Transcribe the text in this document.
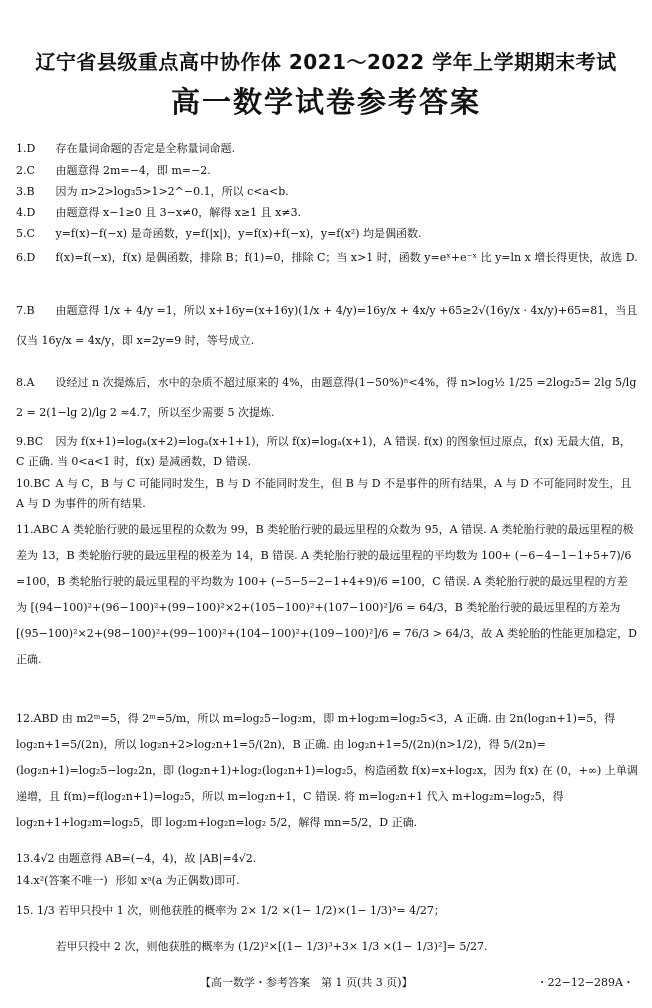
辽宁省县级重点高中协作体 2021～2022 学年上学期期末考试
高一数学试卷参考答案
1.D 存在量词命题的否定是全称量词命题.
2.C 由题意得 2m=−4，即 m=−2.
3.B 因为 π>2>log₃5>1>2^−0.1，所以 c<a<b.
4.D 由题意得 x−1≥0 且 3−x≠0，解得 x≥1 且 x≠3.
5.C y=f(x)−f(−x) 是奇函数，y=f(|x|)，y=f(x)+f(−x)，y=f(x²) 均是偶函数.
6.D f(x)=f(−x)，f(x) 是偶函数，排除 B；f(1)=0，排除 C；当 x>1 时，函数 y=eˣ+e⁻ˣ 比 y=ln x 增长得更快，故选 D.
7.B 由题意得 1/x + 4/y =1，所以 x+16y=(x+16y)(1/x + 4/y)=16y/x + 4x/y +65≥2√(16y/x · 4x/y)+65=81，当且仅当 16y/x = 4x/y，即 x=2y=9 时，等号成立.
8.A 设经过 n 次提炼后，水中的杂质不超过原来的 4%，由题意得(1−50%)ⁿ<4%，得 n>log½ 1/25 =2log₂5= 2lg 5/lg 2 = 2(1−lg 2)/lg 2 ≈4.7，所以至少需要 5 次提炼.
9.BC 因为 f(x+1)=logₐ(x+2)=logₐ(x+1+1)，所以 f(x)=logₐ(x+1)，A 错误. f(x) 的图象恒过原点，f(x) 无最大值，B，C 正确. 当 0<a<1 时，f(x) 是减函数，D 错误.
10.BC A 与 C，B 与 C 可能同时发生，B 与 D 不能同时发生，但 B 与 D 不是事件的所有结果，A 与 D 不可能同时发生，且 A 与 D 为事件的所有结果.
11.ABC A 类轮胎行驶的最远里程的众数为 99，B 类轮胎行驶的最远里程的众数为 95，A 错误. A 类轮胎行驶的最远里程的极差为 13，B 类轮胎行驶的最远里程的极差为 14，B 错误. A 类轮胎行驶的最远里程的平均数为 100+ (−6−4−1−1+5+7)/6 =100，B 类轮胎行驶的最远里程的平均数为 100+ (−5−5−2−1+4+9)/6 =100，C 错误. A 类轮胎行驶的最远里程的方差为 [(94−100)²+(96−100)²+(99−100)²×2+(105−100)²+(107−100)²]/6 = 64/3，B 类轮胎行驶的最远里程的方差为 [(95−100)²×2+(98−100)²+(99−100)²+(104−100)²+(109−100)²]/6 = 76/3 > 64/3，故 A 类轮胎的性能更加稳定，D 正确.
12.ABD 由 m2ᵐ=5，得 2ᵐ=5/m，所以 m=log₂5−log₂m，即 m+log₂m=log₂5<3，A 正确. 由 2n(log₂n+1)=5，得 log₂n+1=5/(2n)，所以 log₂n+2>log₂n+1=5/(2n)，B 正确. 由 log₂n+1=5/(2n)(n>1/2)，得 5/(2n)=(log₂n+1)=log₂5−log₂2n，即 (log₂n+1)+log₂(log₂n+1)=log₂5，构造函数 f(x)=x+log₂x，因为 f(x) 在 (0，+∞) 上单调递增，且 f(m)=f(log₂n+1)=log₂5，所以 m=log₂n+1，C 错误. 将 m=log₂n+1 代入 m+log₂m=log₂5，得 log₂n+1+log₂m=log₂5，即 log₂m+log₂n=log₂ 5/2，解得 mn=5/2，D 正确.
13.4√2 由题意得 AB=(−4，4)，故 |AB|=4√2.
14.x²(答案不唯一) 形如 xᵃ(a 为正偶数)即可.
15. 1/3 若甲只投中 1 次，则他获胜的概率为 2× 1/2 ×(1− 1/2)×(1− 1/3)³= 4/27；
若甲只投中 2 次，则他获胜的概率为 (1/2)²×[(1− 1/3)³+3× 1/3 ×(1− 1/3)²]= 5/27.
【高一数学・参考答案　第 1 页(共 3 页)】	・22−12−289A・
